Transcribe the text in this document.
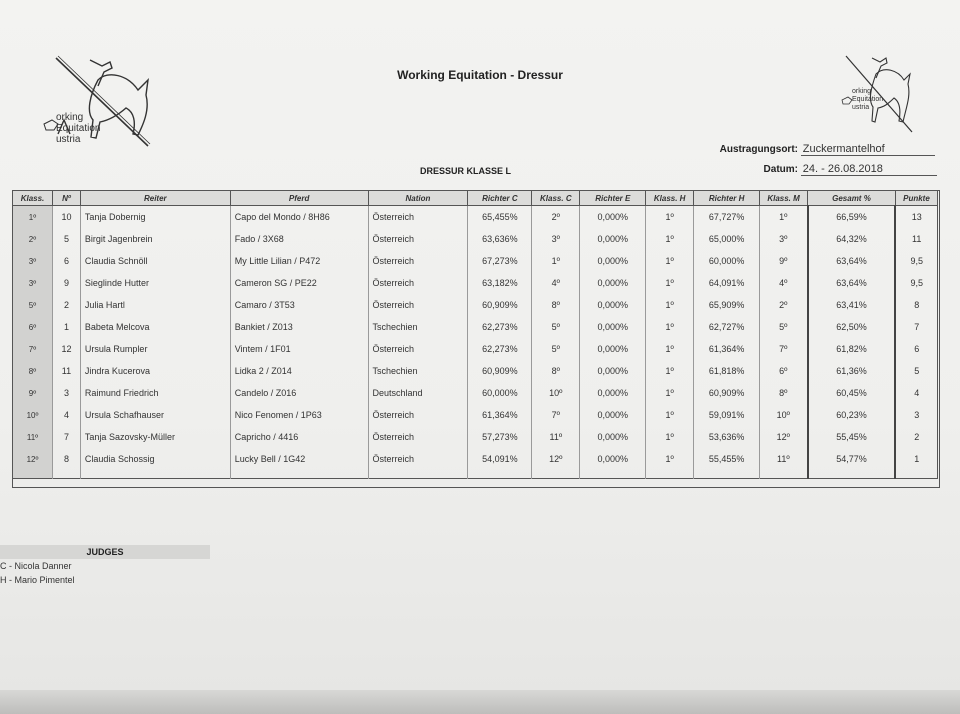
orking
Equitation
ustria
orking
Equitation
ustria
Working Equitation - Dressur
Austragungsort: Zuckermantelhof
Datum: 24. - 26.08.2018
DRESSUR KLASSE L
Klass.	Nº	Reiter	Pferd	Nation	Richter C	Klass. C	Richter E	Klass. H	Richter H	Klass. M	Gesamt %	Punkte
1º	10	Tanja Dobernig	Capo del Mondo / 8H86	Österreich	65,455%	2º	0,000%	1º	67,727%	1º	66,59%	13
2º	5	Birgit Jagenbrein	Fado / 3X68	Österreich	63,636%	3º	0,000%	1º	65,000%	3º	64,32%	11
3º	6	Claudia Schnöll	My Little Lilian / P472	Österreich	67,273%	1º	0,000%	1º	60,000%	9º	63,64%	9,5
3º	9	Sieglinde Hutter	Cameron SG / PE22	Österreich	63,182%	4º	0,000%	1º	64,091%	4º	63,64%	9,5
5º	2	Julia Hartl	Camaro / 3T53	Österreich	60,909%	8º	0,000%	1º	65,909%	2º	63,41%	8
6º	1	Babeta Melcova	Bankiet / Z013	Tschechien	62,273%	5º	0,000%	1º	62,727%	5º	62,50%	7
7º	12	Ursula Rumpler	Vintem / 1F01	Österreich	62,273%	5º	0,000%	1º	61,364%	7º	61,82%	6
8º	11	Jindra Kucerova	Lidka 2 / Z014	Tschechien	60,909%	8º	0,000%	1º	61,818%	6º	61,36%	5
9º	3	Raimund Friedrich	Candelo / Z016	Deutschland	60,000%	10º	0,000%	1º	60,909%	8º	60,45%	4
10º	4	Ursula Schafhauser	Nico Fenomen / 1P63	Österreich	61,364%	7º	0,000%	1º	59,091%	10º	60,23%	3
11º	7	Tanja Sazovsky-Müller	Capricho / 4416	Österreich	57,273%	11º	0,000%	1º	53,636%	12º	55,45%	2
12º	8	Claudia Schossig	Lucky Bell / 1G42	Österreich	54,091%	12º	0,000%	1º	55,455%	11º	54,77%	1

JUDGES
C - Nicola Danner
H - Mario Pimentel
